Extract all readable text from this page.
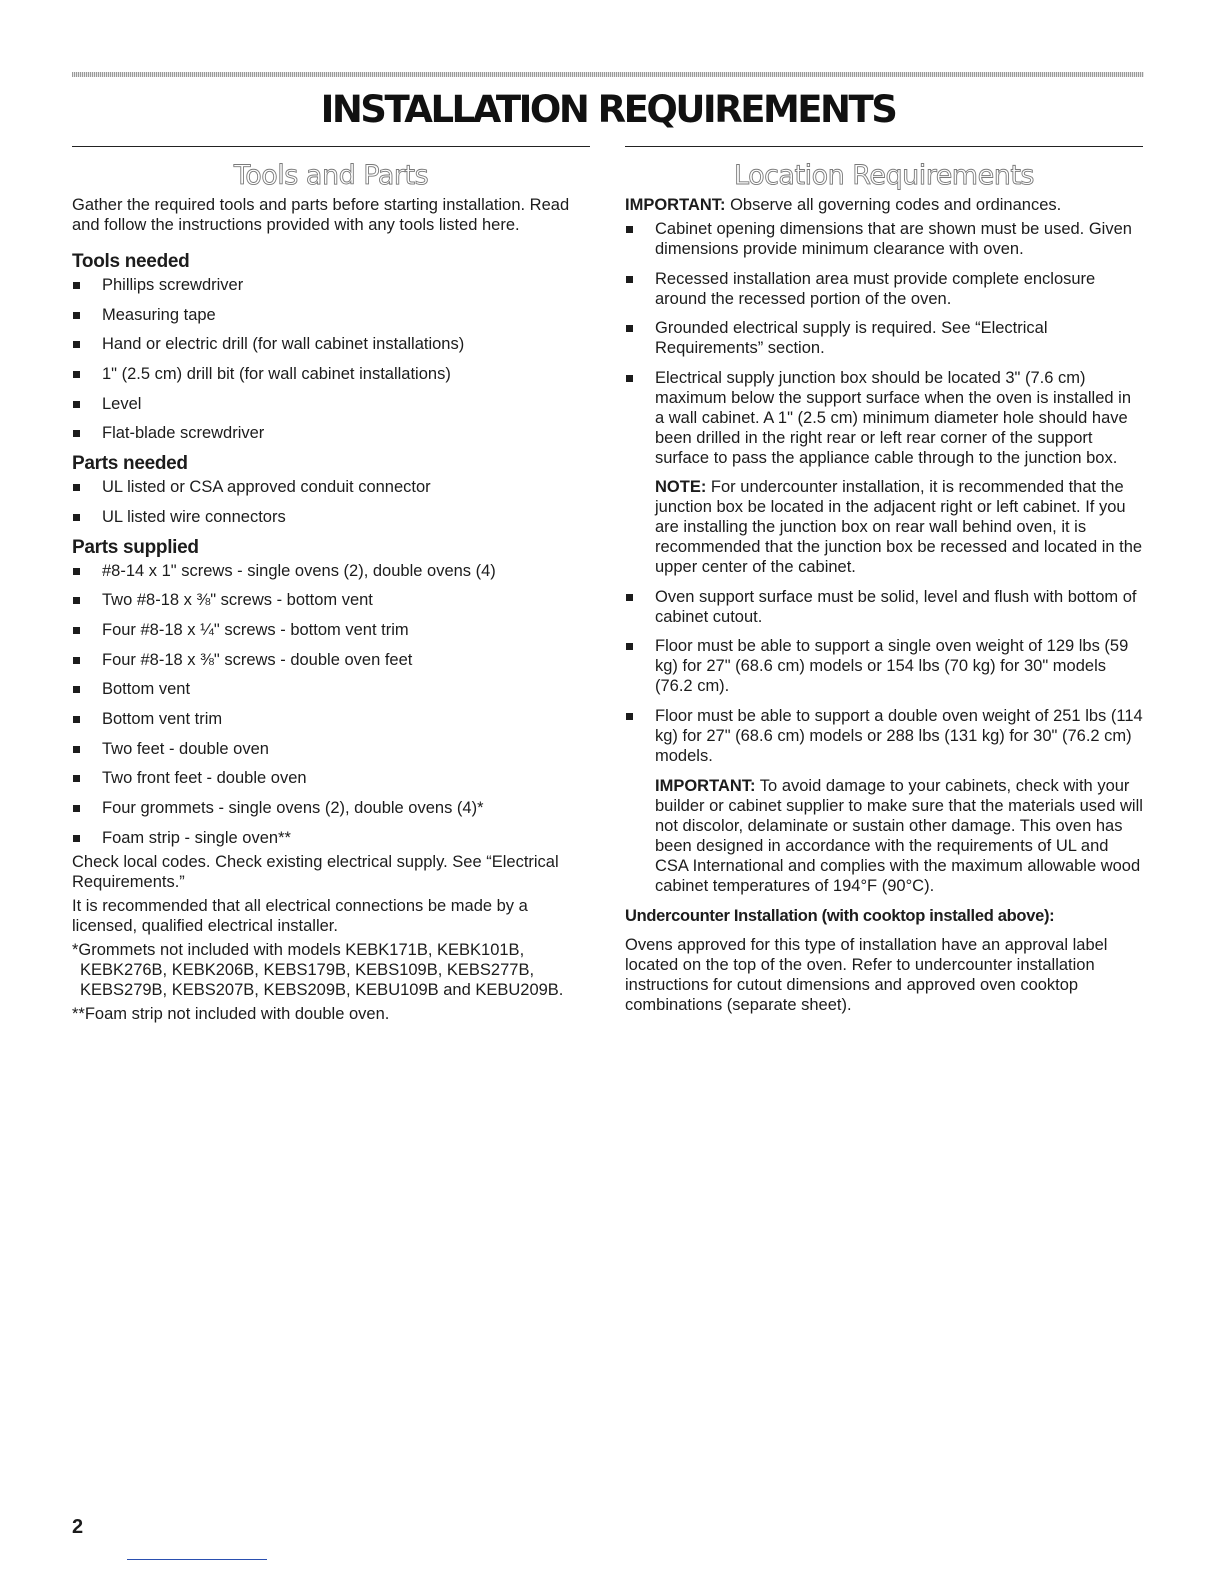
INSTALLATION REQUIREMENTS
Tools and Parts

Gather the required tools and parts before starting installation. Read and follow the instructions provided with any tools listed here.

Tools needed
Phillips screwdriver
Measuring tape
Hand or electric drill (for wall cabinet installations)
1" (2.5 cm) drill bit (for wall cabinet installations)
Level
Flat-blade screwdriver
Parts needed
UL listed or CSA approved conduit connector
UL listed wire connectors
Parts supplied
#8-14 x 1" screws - single ovens (2), double ovens (4)
Two #8-18 x ⅜" screws - bottom vent
Four #8-18 x ¼" screws - bottom vent trim
Four #8-18 x ⅜" screws - double oven feet
Bottom vent
Bottom vent trim
Two feet - double oven
Two front feet - double oven
Four grommets - single ovens (2), double ovens (4)*
Foam strip - single oven**

Check local codes. Check existing electrical supply. See “Electrical Requirements.”

It is recommended that all electrical connections be made by a licensed, qualified electrical installer.

*Grommets not included with models KEBK171B, KEBK101B, KEBK276B, KEBK206B, KEBS179B, KEBS109B, KEBS277B, KEBS279B, KEBS207B, KEBS209B, KEBU109B and KEBU209B.

**Foam strip not included with double oven.

Location Requirements

IMPORTANT: Observe all governing codes and ordinances.

Cabinet opening dimensions that are shown must be used. Given dimensions provide minimum clearance with oven.
Recessed installation area must provide complete enclosure around the recessed portion of the oven.
Grounded electrical supply is required. See “Electrical Requirements” section.
Electrical supply junction box should be located 3" (7.6 cm) maximum below the support surface when the oven is installed in a wall cabinet. A 1" (2.5 cm) minimum diameter hole should have been drilled in the right rear or left rear corner of the support surface to pass the appliance cable through to the junction box.

NOTE: For undercounter installation, it is recommended that the junction box be located in the adjacent right or left cabinet. If you are installing the junction box on rear wall behind oven, it is recommended that the junction box be recessed and located in the upper center of the cabinet.

Oven support surface must be solid, level and flush with bottom of cabinet cutout.
Floor must be able to support a single oven weight of 129 lbs (59 kg) for 27" (68.6 cm) models or 154 lbs (70 kg) for 30" models (76.2 cm).
Floor must be able to support a double oven weight of 251 lbs (114 kg) for 27" (68.6 cm) models or 288 lbs (131 kg) for 30" (76.2 cm) models.

IMPORTANT: To avoid damage to your cabinets, check with your builder or cabinet supplier to make sure that the materials used will not discolor, delaminate or sustain other damage. This oven has been designed in accordance with the requirements of UL and CSA International and complies with the maximum allowable wood cabinet temperatures of 194°F (90°C).

Undercounter Installation (with cooktop installed above):

Ovens approved for this type of installation have an approval label located on the top of the oven. Refer to undercounter installation instructions for cutout dimensions and approved oven cooktop combinations (separate sheet).

2
